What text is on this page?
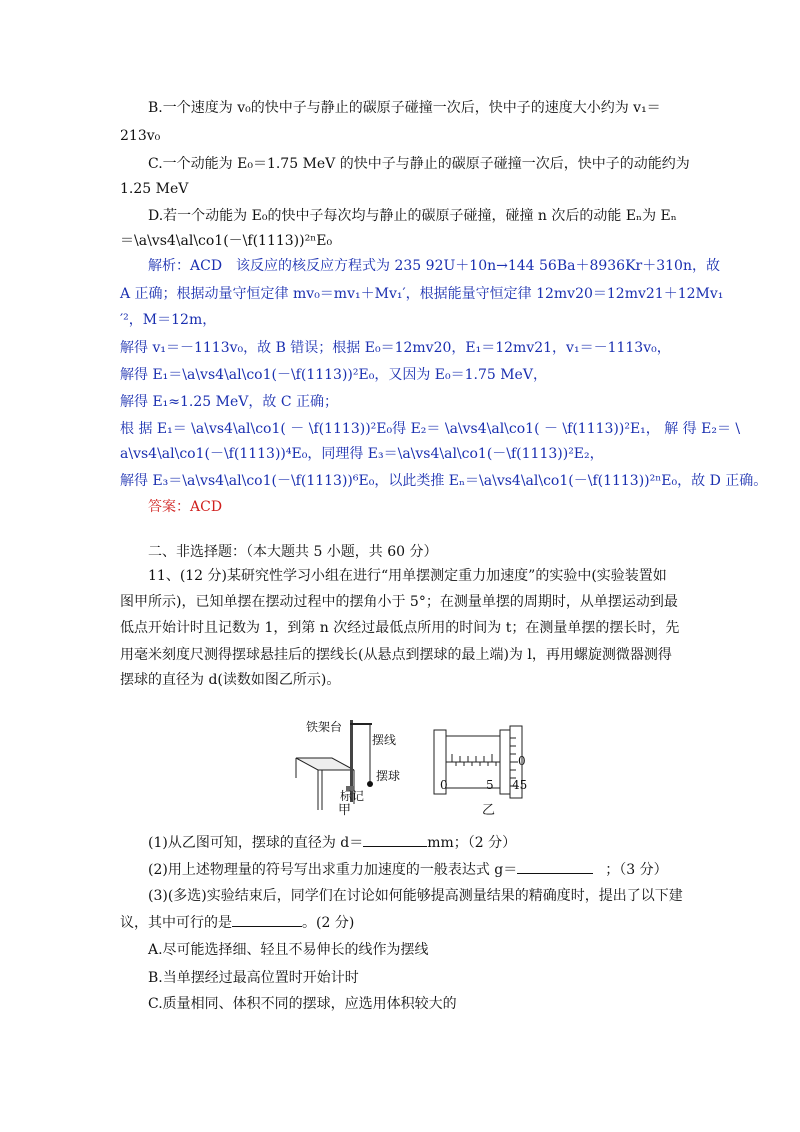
B.一个速度为 v₀的快中子与静止的碳原子碰撞一次后，快中子的速度大小约为 v₁＝
213v₀
C.一个动能为 E₀＝1.75 MeV 的快中子与静止的碳原子碰撞一次后，快中子的动能约为
1.25 MeV
D.若一个动能为 E₀的快中子每次均与静止的碳原子碰撞，碰撞 n 次后的动能 Eₙ为 Eₙ
＝\a\vs4\al\co1(－\f(1113))²ⁿE₀
解析：ACD　该反应的核反应方程式为 235 92U＋10n→144 56Ba＋8936Kr＋310n，故
A 正确；根据动量守恒定律 mv₀＝mv₁＋Mv₁′，根据能量守恒定律 12mv20＝12mv21＋12Mv₁
′²，M＝12m，
解得 v₁＝－1113v₀，故 B 错误；根据 E₀＝12mv20，E₁＝12mv21，v₁＝－1113v₀，
解得 E₁＝\a\vs4\al\co1(－\f(1113))²E₀，又因为 E₀＝1.75 MeV，
解得 E₁≈1.25 MeV，故 C 正确；
根 据 E₁＝ \a\vs4\al\co1( － \f(1113))²E₀得 E₂＝ \a\vs4\al\co1( － \f(1113))²E₁， 解 得 E₂＝ \
a\vs4\al\co1(－\f(1113))⁴E₀，同理得 E₃＝\a\vs4\al\co1(－\f(1113))²E₂，
解得 E₃＝\a\vs4\al\co1(－\f(1113))⁶E₀，以此类推 Eₙ＝\a\vs4\al\co1(－\f(1113))²ⁿE₀，故 D 正确。
答案：ACD
二、非选择题：（本大题共 5 小题，共 60 分）
11、(12 分)某研究性学习小组在进行“用单摆测定重力加速度”的实验中(实验装置如
图甲所示)，已知单摆在摆动过程中的摆角小于 5°；在测量单摆的周期时，从单摆运动到最
低点开始计时且记数为 1，到第 n 次经过最低点所用的时间为 t；在测量单摆的摆长时，先
用毫米刻度尺测得摆球悬挂后的摆线长(从悬点到摆球的最上端)为 l，再用螺旋测微器测得
摆球的直径为 d(读数如图乙所示)。
铁架台
摆线
摆球
标记
甲
0	5
0
45
乙
(1)从乙图可知，摆球的直径为 d＝	mm；（2 分）
(2)用上述物理量的符号写出求重力加速度的一般表达式 g＝	；（3 分）
(3)(多选)实验结束后，同学们在讨论如何能够提高测量结果的精确度时，提出了以下建
议，其中可行的是	。(2 分)
A.尽可能选择细、轻且不易伸长的线作为摆线
B.当单摆经过最高位置时开始计时
C.质量相同、体积不同的摆球，应选用体积较大的
